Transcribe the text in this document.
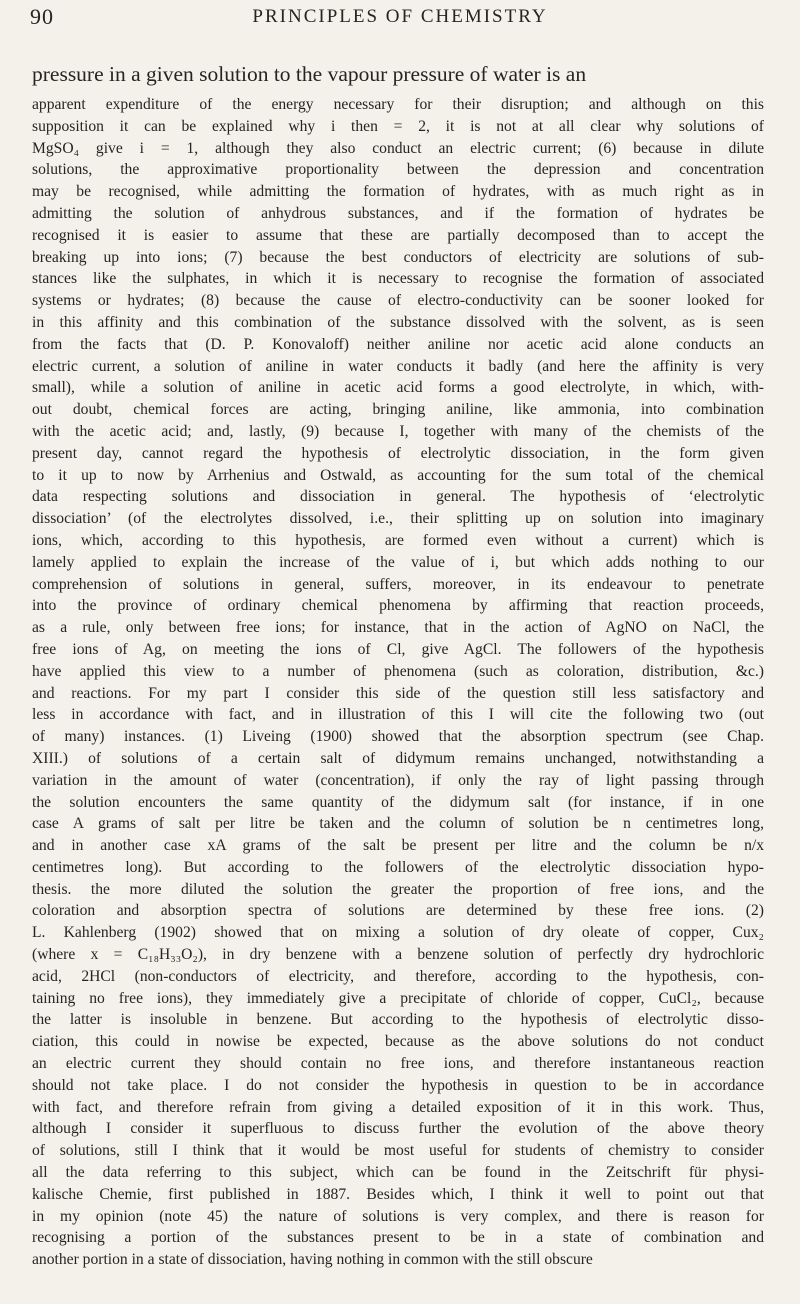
90	PRINCIPLES OF CHEMISTRY
pressure in a given solution to the vapour pressure of water is an
apparent expenditure of the energy necessary for their disruption; and although on this
supposition it can be explained why i then = 2, it is not at all clear why solutions of
MgSO₄ give i = 1, although they also conduct an electric current; (6) because in dilute
solutions, the approximative proportionality between the depression and concentration
may be recognised, while admitting the formation of hydrates, with as much right as in
admitting the solution of anhydrous substances, and if the formation of hydrates be
recognised it is easier to assume that these are partially decomposed than to accept the
breaking up into ions; (7) because the best conductors of electricity are solutions of sub-
stances like the sulphates, in which it is necessary to recognise the formation of associated
systems or hydrates; (8) because the cause of electro-conductivity can be sooner looked for
in this affinity and this combination of the substance dissolved with the solvent, as is seen
from the facts that (D. P. Konovaloff) neither aniline nor acetic acid alone conducts an
electric current, a solution of aniline in water conducts it badly (and here the affinity is very
small), while a solution of aniline in acetic acid forms a good electrolyte, in which, with-
out doubt, chemical forces are acting, bringing aniline, like ammonia, into combination
with the acetic acid; and, lastly, (9) because I, together with many of the chemists of the
present day, cannot regard the hypothesis of electrolytic dissociation, in the form given
to it up to now by Arrhenius and Ostwald, as accounting for the sum total of the chemical
data respecting solutions and dissociation in general. The hypothesis of ‘electrolytic
dissociation’ (of the electrolytes dissolved, i.e., their splitting up on solution into imaginary
ions, which, according to this hypothesis, are formed even without a current) which is
lamely applied to explain the increase of the value of i, but which adds nothing to our
comprehension of solutions in general, suffers, moreover, in its endeavour to penetrate
into the province of ordinary chemical phenomena by affirming that reaction proceeds,
as a rule, only between free ions; for instance, that in the action of AgNO on NaCl, the
free ions of Ag, on meeting the ions of Cl, give AgCl. The followers of the hypothesis
have applied this view to a number of phenomena (such as coloration, distribution, &c.)
and reactions. For my part I consider this side of the question still less satisfactory and
less in accordance with fact, and in illustration of this I will cite the following two (out
of many) instances. (1) Liveing (1900) showed that the absorption spectrum (see Chap.
XIII.) of solutions of a certain salt of didymum remains unchanged, notwithstanding a
variation in the amount of water (concentration), if only the ray of light passing through
the solution encounters the same quantity of the didymum salt (for instance, if in one
case A grams of salt per litre be taken and the column of solution be n centimetres long,
and in another case xA grams of the salt be present per litre and the column be n/x
centimetres long). But according to the followers of the electrolytic dissociation hypo-
thesis. the more diluted the solution the greater the proportion of free ions, and the
coloration and absorption spectra of solutions are determined by these free ions. (2)
L. Kahlenberg (1902) showed that on mixing a solution of dry oleate of copper, Cux₂
(where x = C₁₈H₃₃O₂), in dry benzene with a benzene solution of perfectly dry hydrochloric
acid, 2HCl (non-conductors of electricity, and therefore, according to the hypothesis, con-
taining no free ions), they immediately give a precipitate of chloride of copper, CuCl₂, because
the latter is insoluble in benzene. But according to the hypothesis of electrolytic disso-
ciation, this could in nowise be expected, because as the above solutions do not conduct
an electric current they should contain no free ions, and therefore instantaneous reaction
should not take place. I do not consider the hypothesis in question to be in accordance
with fact, and therefore refrain from giving a detailed exposition of it in this work. Thus,
although I consider it superfluous to discuss further the evolution of the above theory
of solutions, still I think that it would be most useful for students of chemistry to consider
all the data referring to this subject, which can be found in the Zeitschrift für physi-
kalische Chemie, first published in 1887. Besides which, I think it well to point out that
in my opinion (note 45) the nature of solutions is very complex, and there is reason for
recognising a portion of the substances present to be in a state of combination and
another portion in a state of dissociation, having nothing in common with the still obscure
